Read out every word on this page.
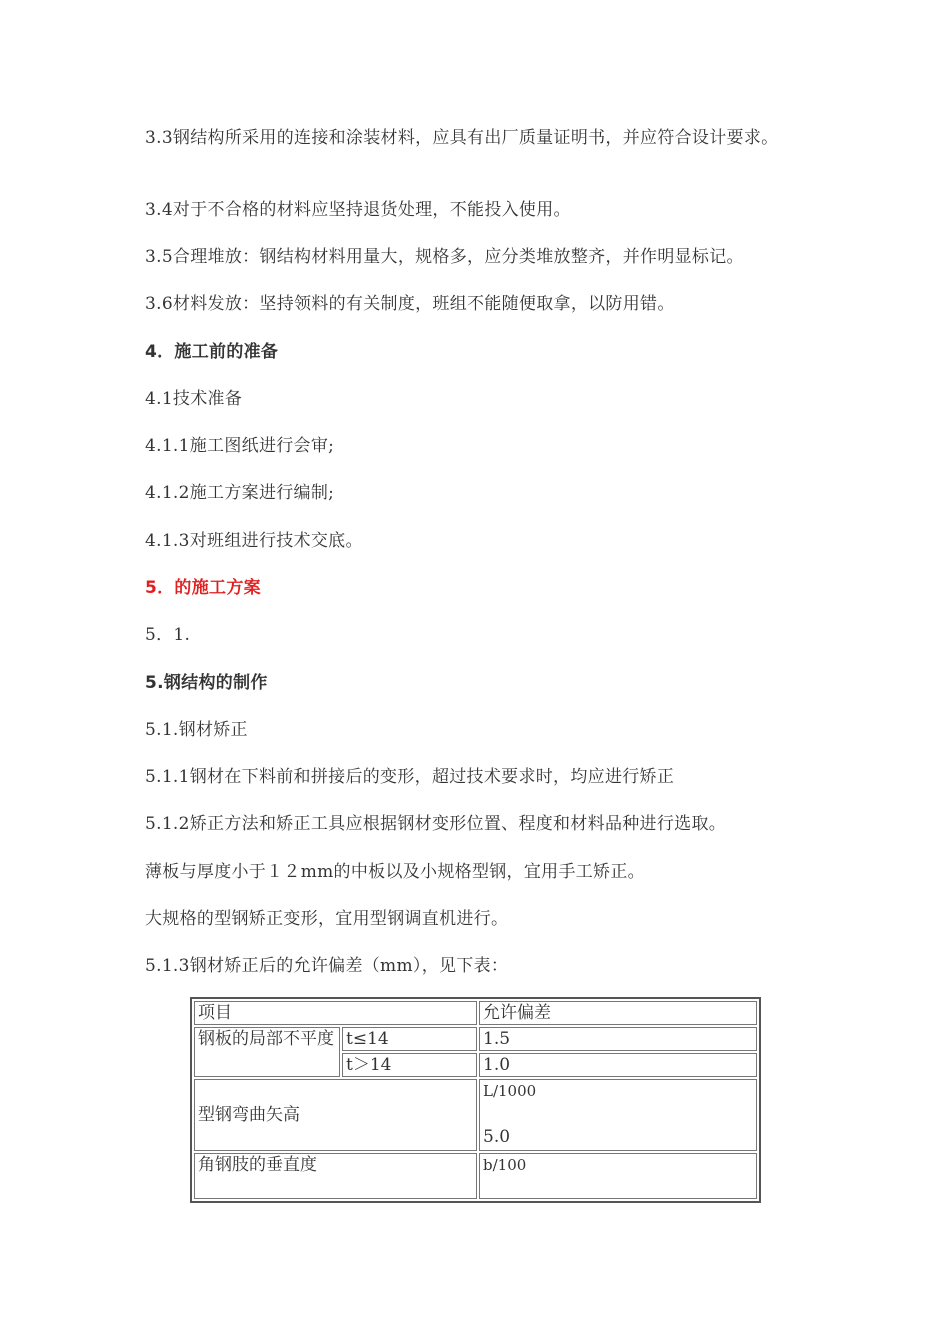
3.3钢结构所采用的连接和涂装材料，应具有出厂质量证明书，并应符合设计要求。

3.4对于不合格的材料应坚持退货处理，不能投入使用。

3.5合理堆放：钢结构材料用量大，规格多，应分类堆放整齐，并作明显标记。

3.6材料发放：坚持领料的有关制度，班组不能随便取拿，以防用错。

4．施工前的准备

4.1技术准备

4.1.1施工图纸进行会审;

4.1.2施工方案进行编制;

4.1.3对班组进行技术交底。

5．的施工方案

5．1.

5.钢结构的制作

5.1.钢材矫正

5.1.1钢材在下料前和拼接后的变形，超过技术要求时，均应进行矫正

5.1.2矫正方法和矫正工具应根据钢材变形位置、程度和材料品种进行选取。

薄板与厚度小于１２mm的中板以及小规格型钢，宜用手工矫正。

大规格的型钢矫正变形，宜用型钢调直机进行。

5.1.3钢材矫正后的允许偏差（mm），见下表：

项目		允许偏差
钢板的局部不平度	t≤14	1.5
	t＞14	1.0
型钢弯曲矢高		L/1000
5.0

角钢肢的垂直度		b/100
